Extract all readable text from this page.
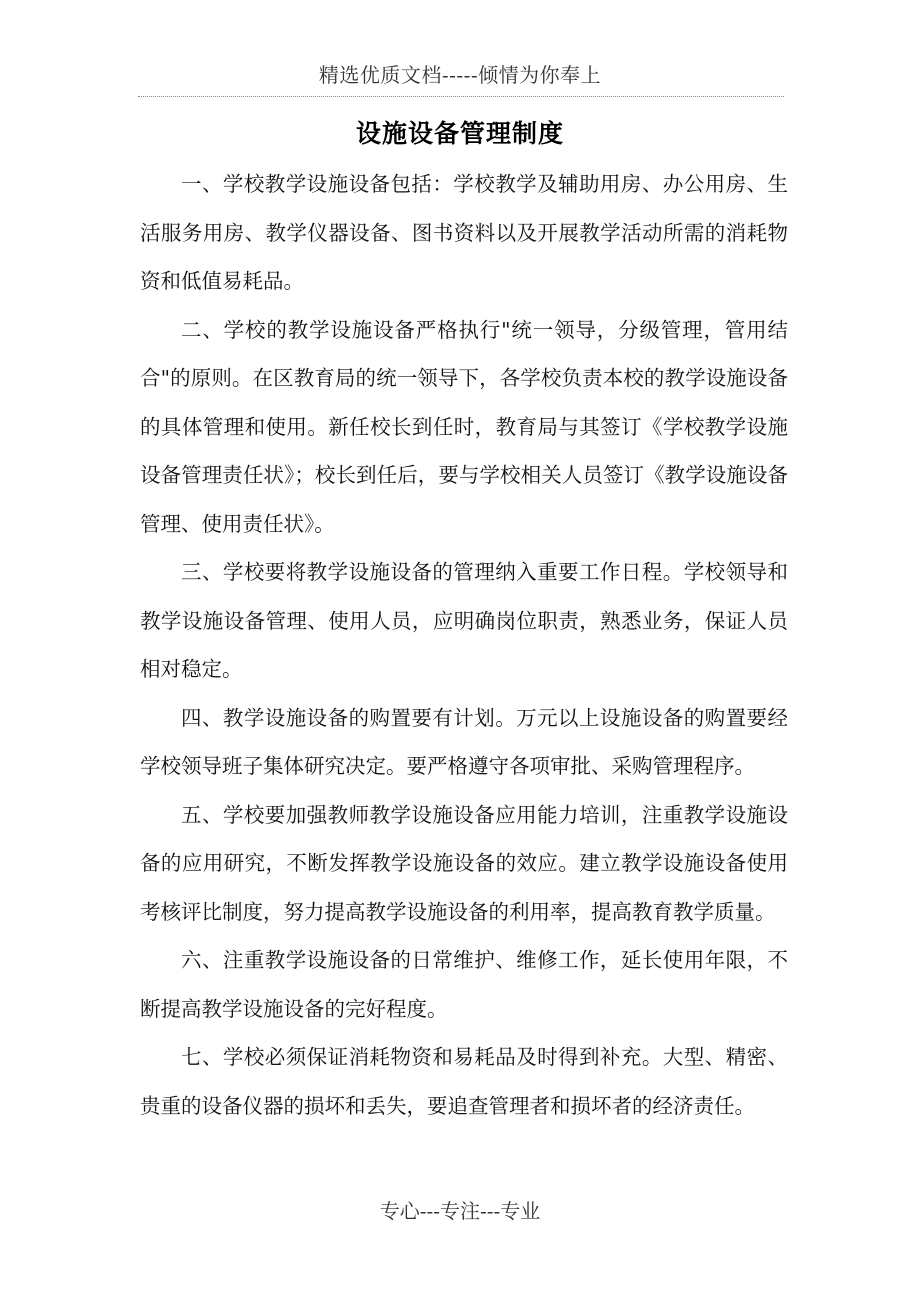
精选优质文档-----倾情为你奉上
设施设备管理制度

一、学校教学设施设备包括：学校教学及辅助用房、办公用房、生活服务用房、教学仪器设备、图书资料以及开展教学活动所需的消耗物资和低值易耗品。

二、学校的教学设施设备严格执行"统一领导，分级管理，管用结合"的原则。在区教育局的统一领导下，各学校负责本校的教学设施设备的具体管理和使用。新任校长到任时，教育局与其签订《学校教学设施设备管理责任状》；校长到任后，要与学校相关人员签订《教学设施设备管理、使用责任状》。

三、学校要将教学设施设备的管理纳入重要工作日程。学校领导和教学设施设备管理、使用人员，应明确岗位职责，熟悉业务，保证人员相对稳定。

四、教学设施设备的购置要有计划。万元以上设施设备的购置要经学校领导班子集体研究决定。要严格遵守各项审批、采购管理程序。

五、学校要加强教师教学设施设备应用能力培训，注重教学设施设备的应用研究，不断发挥教学设施设备的效应。建立教学设施设备使用考核评比制度，努力提高教学设施设备的利用率，提高教育教学质量。

六、注重教学设施设备的日常维护、维修工作，延长使用年限，不断提高教学设施设备的完好程度。

七、学校必须保证消耗物资和易耗品及时得到补充。大型、精密、贵重的设备仪器的损坏和丢失，要追查管理者和损坏者的经济责任。

专心---专注---专业
